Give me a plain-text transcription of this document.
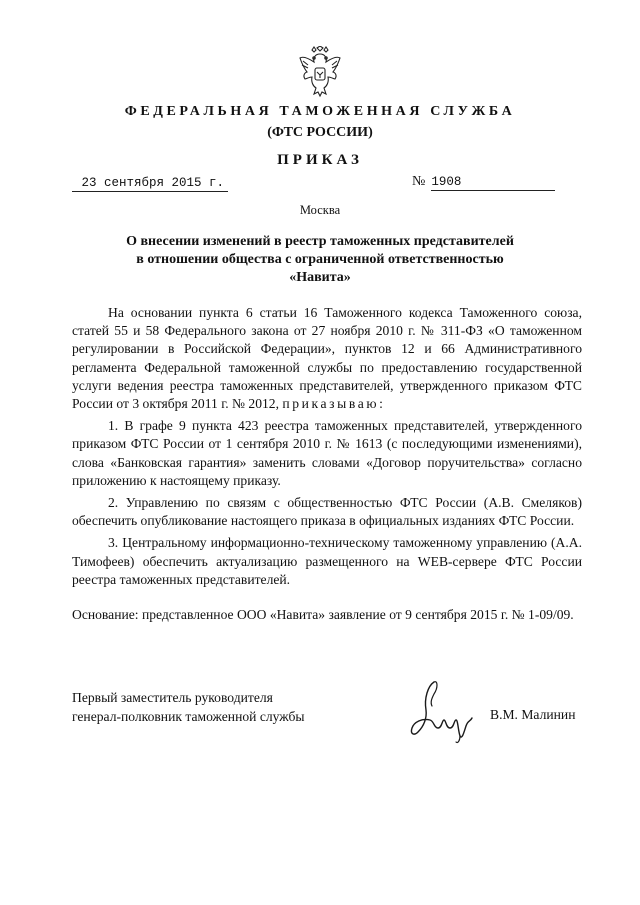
ФЕДЕРАЛЬНАЯ ТАМОЖЕННАЯ СЛУЖБА
(ФТС РОССИИ)
ПРИКАЗ
23 сентября 2015 г.	№ 1908
Москва
О внесении изменений в реестр таможенных представителей
в отношении общества с ограниченной ответственностью
«Навита»

На основании пункта 6 статьи 16 Таможенного кодекса Таможенного союза, статей 55 и 58 Федерального закона от 27 ноября 2010 г. № 311-ФЗ «О таможенном регулировании в Российской Федерации», пунктов 12 и 66 Административного регламента Федеральной таможенной службы по предоставлению государственной услуги ведения реестра таможенных представителей, утвержденного приказом ФТС России от 3 октября 2011 г. № 2012, приказываю:

1. В графе 9 пункта 423 реестра таможенных представителей, утвержденного приказом ФТС России от 1 сентября 2010 г. № 1613 (с последующими изменениями), слова «Банковская гарантия» заменить словами «Договор поручительства» согласно приложению к настоящему приказу.

2. Управлению по связям с общественностью ФТС России (А.В. Смеляков) обеспечить опубликование настоящего приказа в официальных изданиях ФТС России.

3. Центральному информационно-техническому таможенному управлению (А.А. Тимофеев) обеспечить актуализацию размещенного на WEB-сервере ФТС России реестра таможенных представителей.

Основание: представленное ООО «Навита» заявление от 9 сентября 2015 г. № 1-09/09.

Первый заместитель руководителя
генерал-полковник таможенной службы	В.М. Малинин
